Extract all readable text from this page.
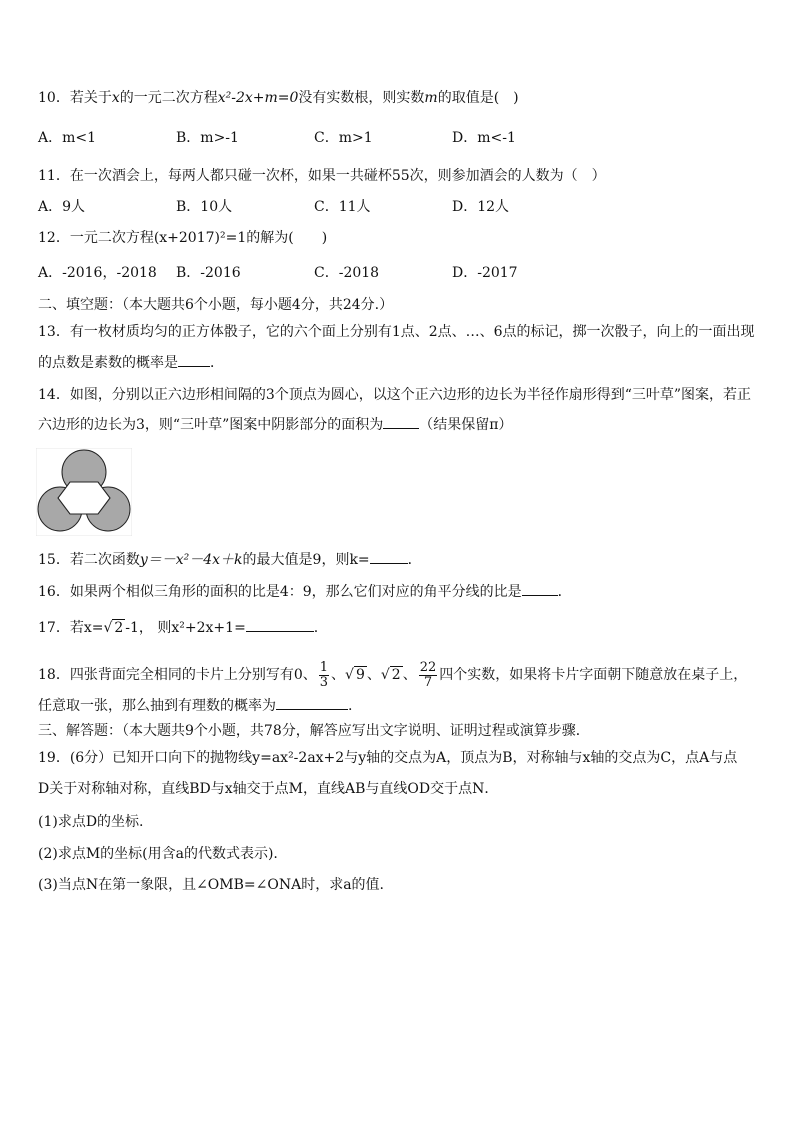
10．若关于x的一元二次方程x²-2x+m=0没有实数根，则实数m的取值是(　)
A．m<1	B．m>-1	C．m>1	D．m<-1
11．在一次酒会上，每两人都只碰一次杯，如果一共碰杯55次，则参加酒会的人数为（　）
A．9人	B．10人	C．11人	D．12人
12．一元二次方程(x+2017)²=1的解为(　　)
A．-2016，-2018 B．-2016	C．-2018	D．-2017
二、填空题：（本大题共6个小题，每小题4分，共24分.）
13．有一枚材质均匀的正方体骰子，它的六个面上分别有1点、2点、…、6点的标记，掷一次骰子，向上的一面出现
的点数是素数的概率是 ．
14．如图，分别以正六边形相间隔的3个顶点为圆心，以这个正六边形的边长为半径作扇形得到“三叶草”图案，若正
六边形的边长为3，则“三叶草”图案中阴影部分的面积为	（结果保留π）
15．若二次函数y＝－x²－4x＋k的最大值是9，则k=	．
16．如果两个相似三角形的面积的比是4：9，那么它们对应的角平分线的比是	．
17．若x=√ 2 -1， 则x²+2x+1=	.
18．四张背面完全相同的卡片上分别写有0、 $\frac{1}{3}$ 、√ 9 、√ 2 、 $\frac{22}{7}$ 四个实数，如果将卡片字面朝下随意放在桌子上，
任意取一张，那么抽到有理数的概率为	.
三、解答题：（本大题共9个小题，共78分，解答应写出文字说明、证明过程或演算步骤．
19．(6分）已知开口向下的抛物线y=ax²-2ax+2与y轴的交点为A，顶点为B，对称轴与x轴的交点为C，点A与点
D关于对称轴对称，直线BD与x轴交于点M，直线AB与直线OD交于点N．
(1)求点D的坐标.
(2)求点M的坐标(用含a的代数式表示).
(3)当点N在第一象限，且∠OMB=∠ONA时，求a的值.
